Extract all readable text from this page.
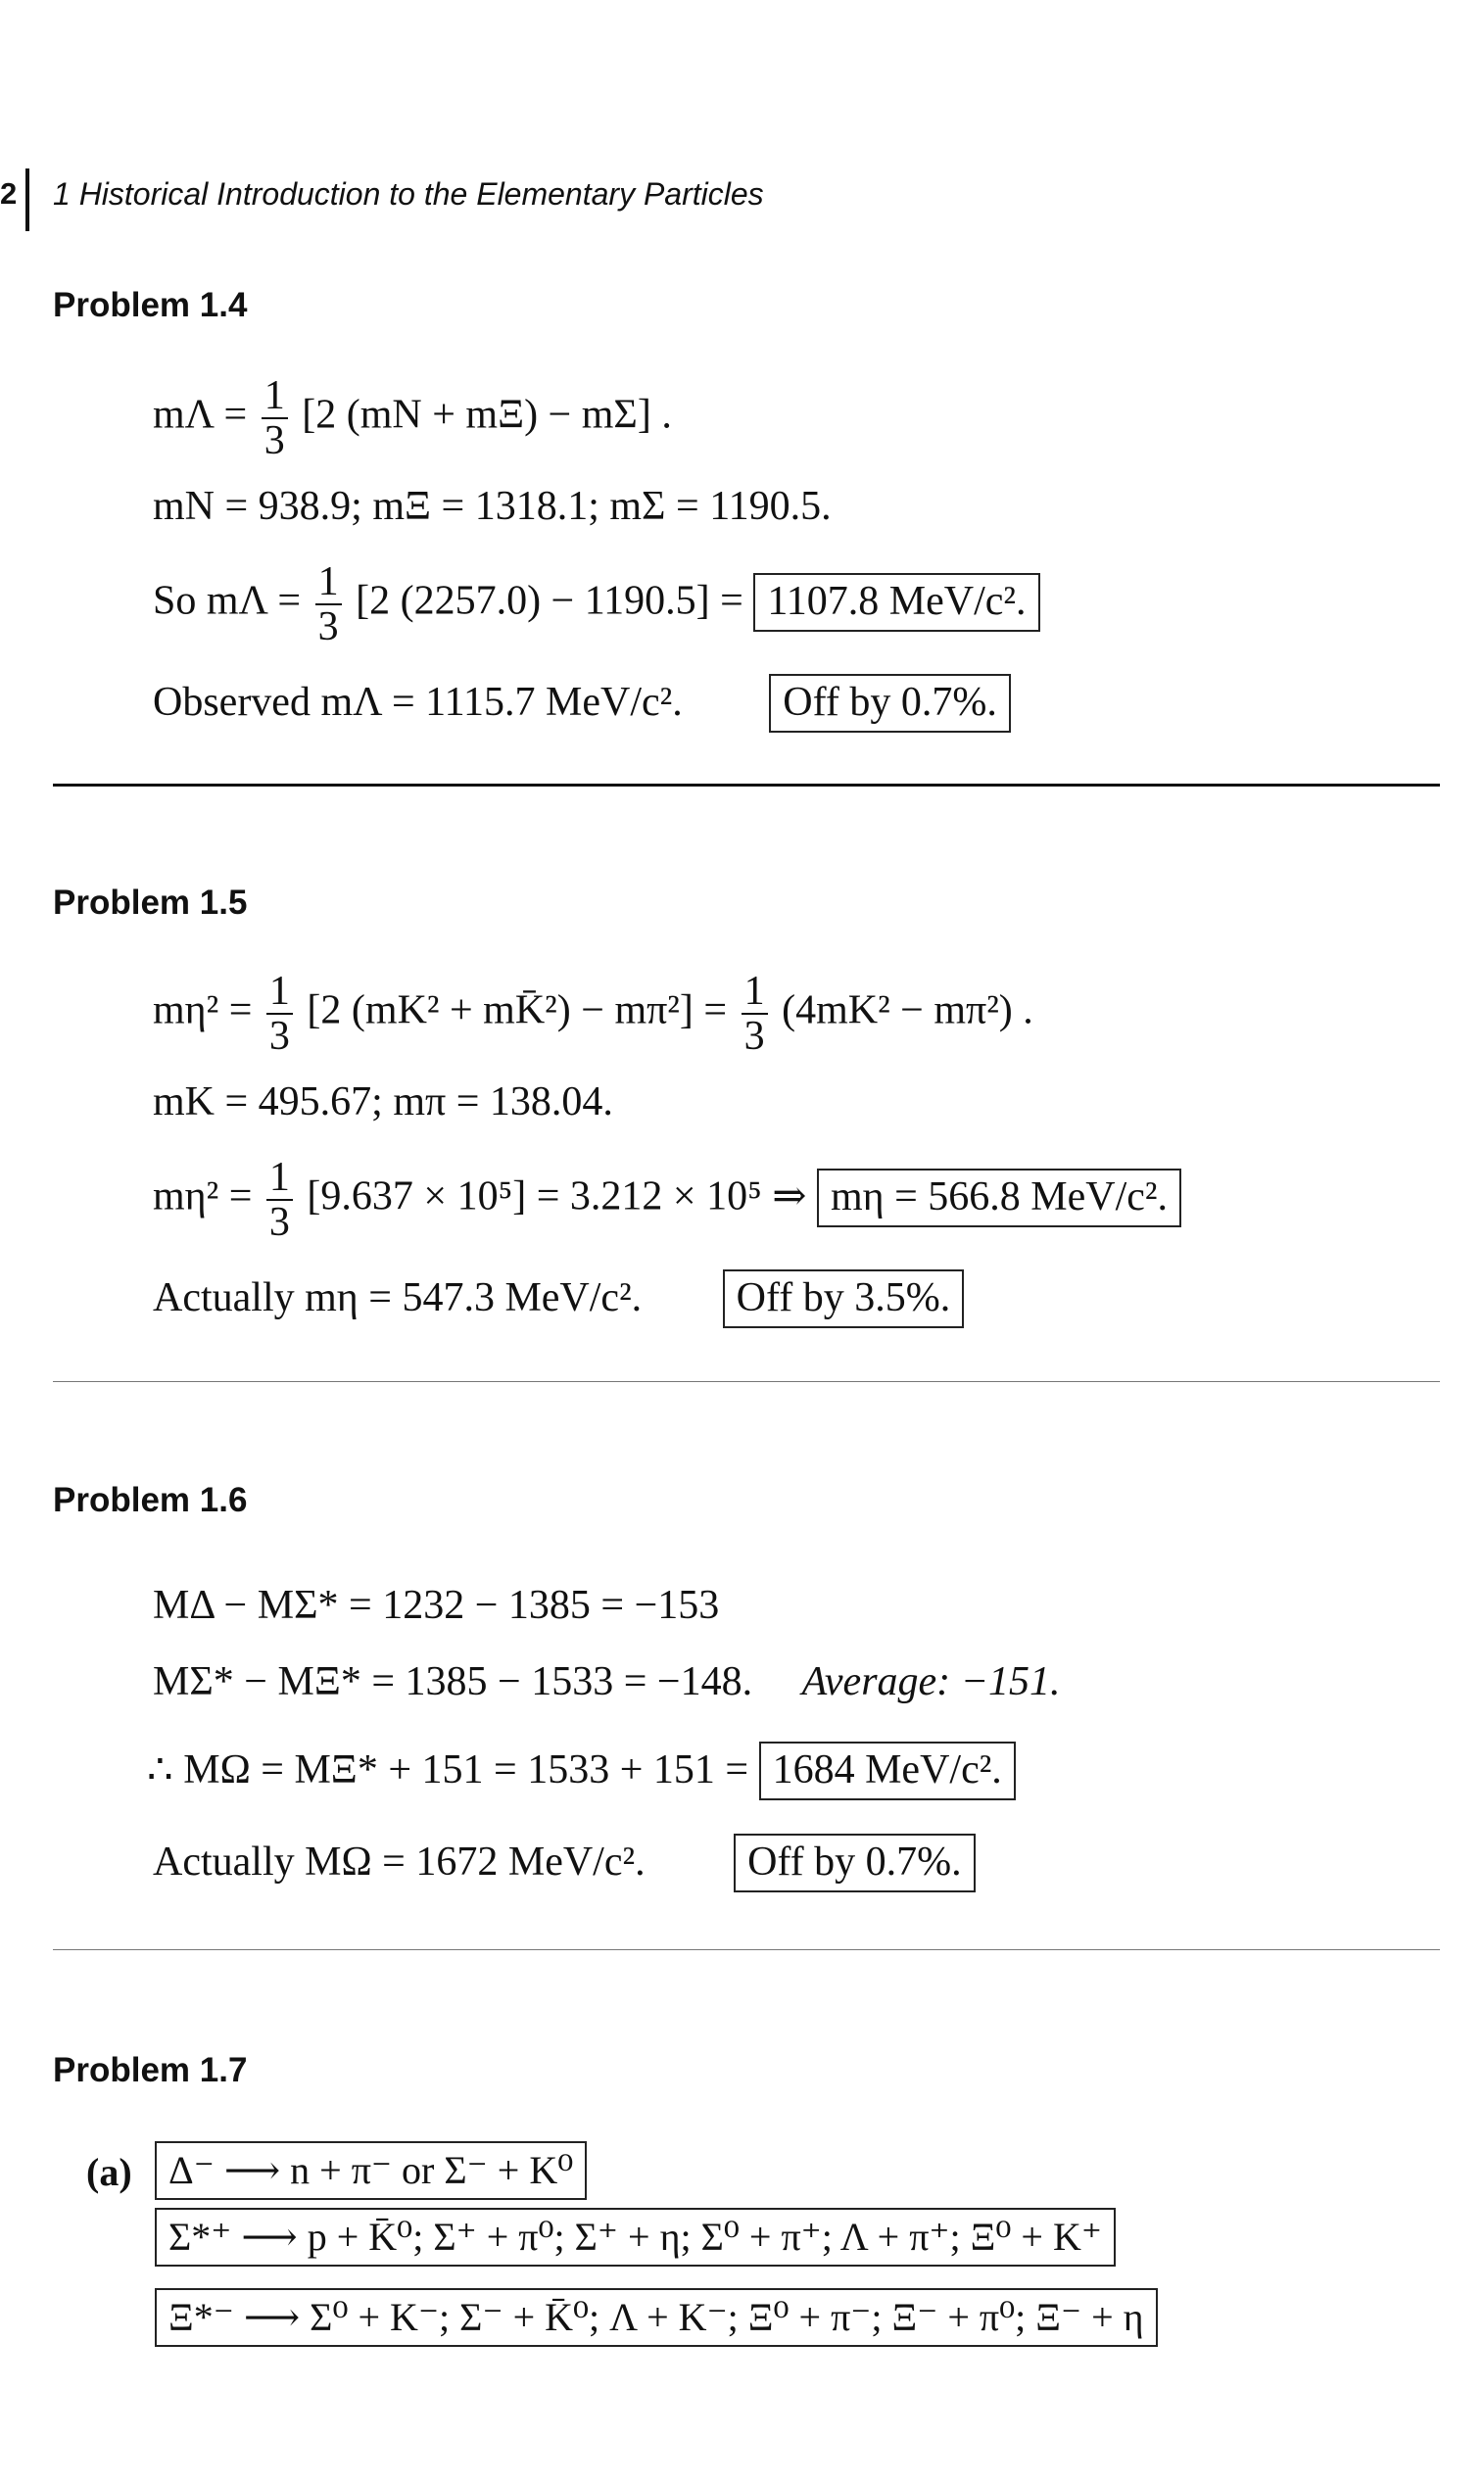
2 1 Historical Introduction to the Elementary Particles
Problem 1.4
$m\Lambda = \frac{1}{3} [2$ (mN + mΞ) − mΣ] .
mN = 938.9; mΞ = 1318.1; mΣ = 1190.5.
So $m\Lambda = \frac{1}{3} [2$ (2257.0) − 1190.5] = 1107.8 MeV/c².
Observed mΛ = 1115.7 MeV/c². Off by 0.7%.
Problem 1.5
$m\eta^2 = \frac{1}{3} [2$ (mK² + mK̄²) − $m\pi^2] = \frac{1}{3} (4mK^2 - m\pi^2)$ .
mK = 495.67; mπ = 138.04.
$m\eta^2 = \frac{1}{3} [9.637 \times 10^5] = 3.212 \times 10^5$ ⇒ mη = 566.8 MeV/c².
Actually mη = 547.3 MeV/c². Off by 3.5%.
Problem 1.6
MΔ − MΣ* = 1232 − 1385 = −153
MΣ* − MΞ* = 1385 − 1533 = −148. Average: −151.
∴ MΩ = MΞ* + 151 = 1533 + 151 = 1684 MeV/c².
Actually MΩ = 1672 MeV/c². Off by 0.7%.
Problem 1.7
(a) Δ⁻ ⟶ n + π⁻ or Σ⁻ + K⁰
Σ*⁺ ⟶ p + K̄⁰; Σ⁺ + π⁰; Σ⁺ + η; Σ⁰ + π⁺; Λ + π⁺; Ξ⁰ + K⁺
Ξ*⁻ ⟶ Σ⁰ + K⁻; Σ⁻ + K̄⁰; Λ + K⁻; Ξ⁰ + π⁻; Ξ⁻ + π⁰; Ξ⁻ + η
